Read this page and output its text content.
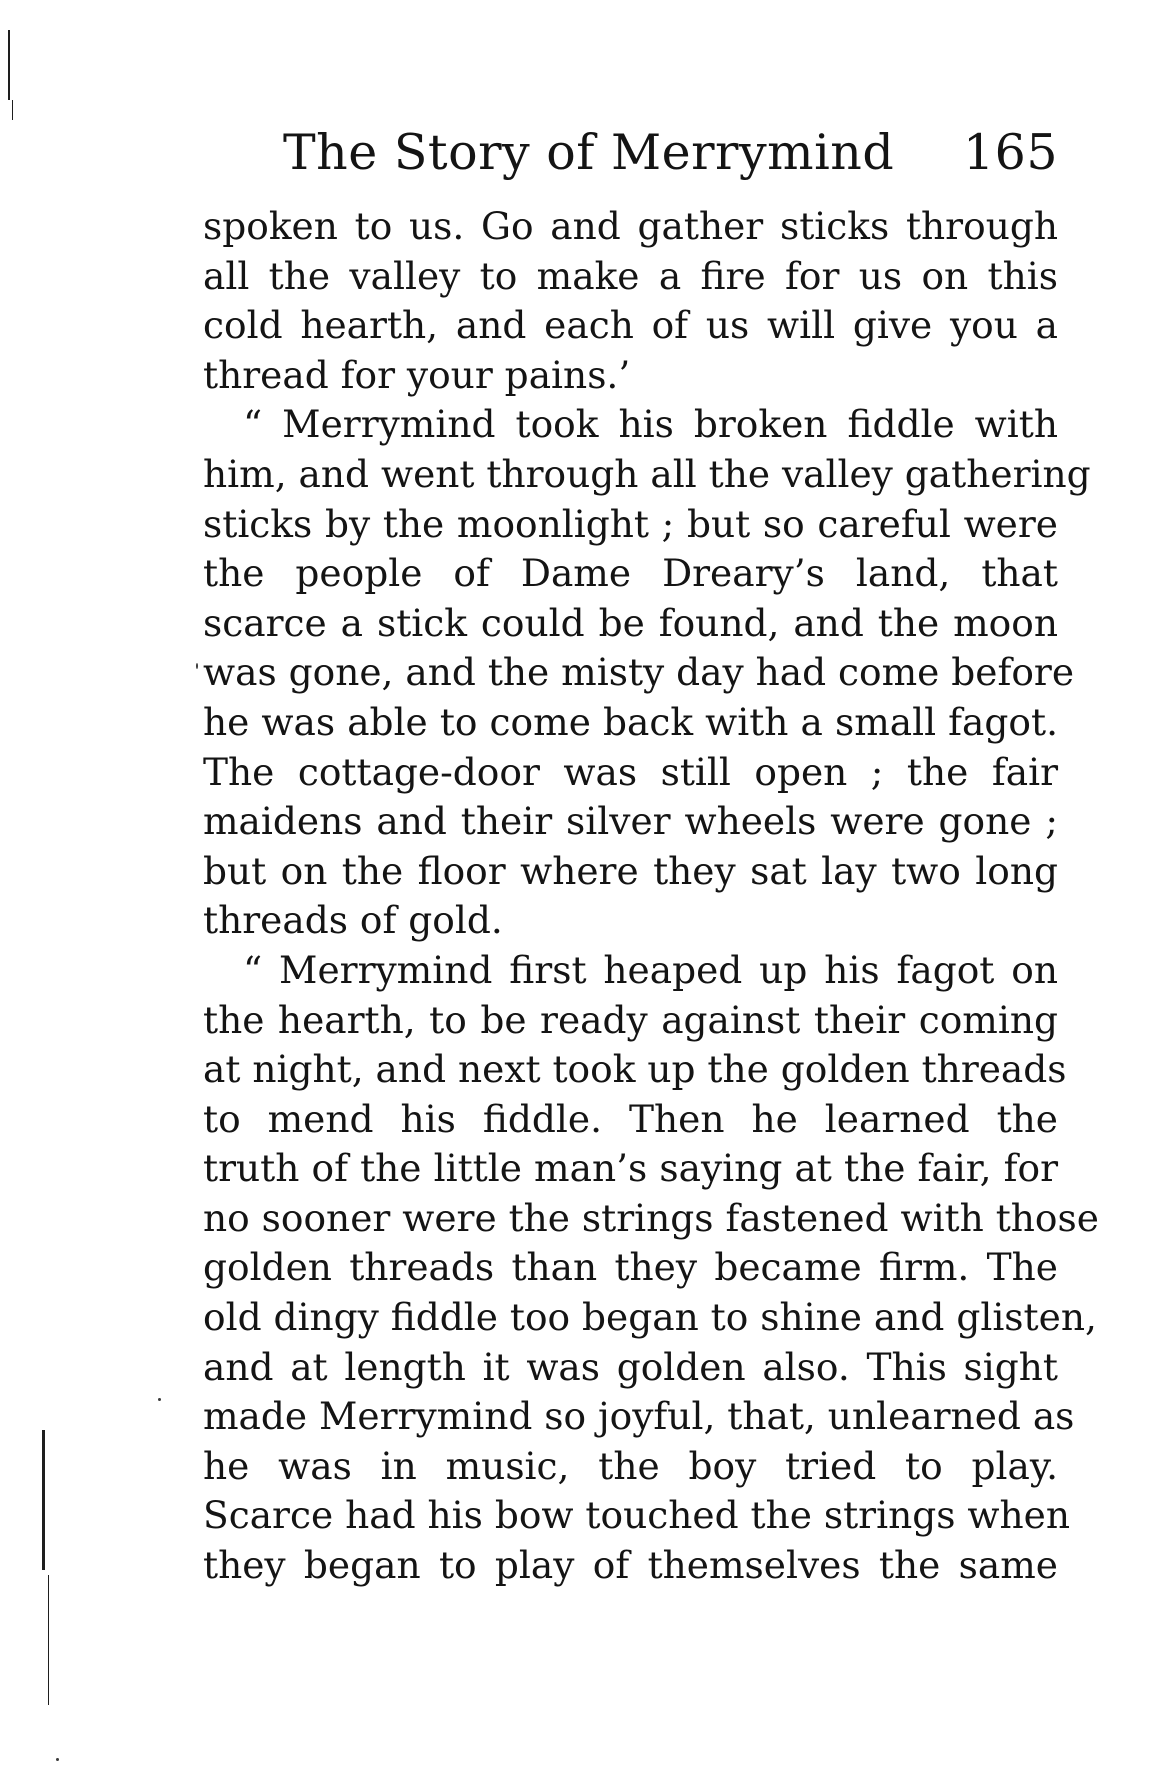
The Story of Merrymind 165
spoken to us. Go and gather sticks through
all the valley to make a fire for us on this
cold hearth, and each of us will give you a
thread for your pains.’
“ Merrymind took his broken fiddle with
him, and went through all the valley gathering
sticks by the moonlight ; but so careful were
the people of Dame Dreary’s land, that
scarce a stick could be found, and the moon
was gone, and the misty day had come before
he was able to come back with a small fagot.
The cottage-door was still open ; the fair
maidens and their silver wheels were gone ;
but on the floor where they sat lay two long
threads of gold.
“ Merrymind first heaped up his fagot on
the hearth, to be ready against their coming
at night, and next took up the golden threads
to mend his fiddle. Then he learned the
truth of the little man’s saying at the fair, for
no sooner were the strings fastened with those
golden threads than they became firm. The
old dingy fiddle too began to shine and glisten,
and at length it was golden also. This sight
made Merrymind so joyful, that, unlearned as
he was in music, the boy tried to play.
Scarce had his bow touched the strings when
they began to play of themselves the same
